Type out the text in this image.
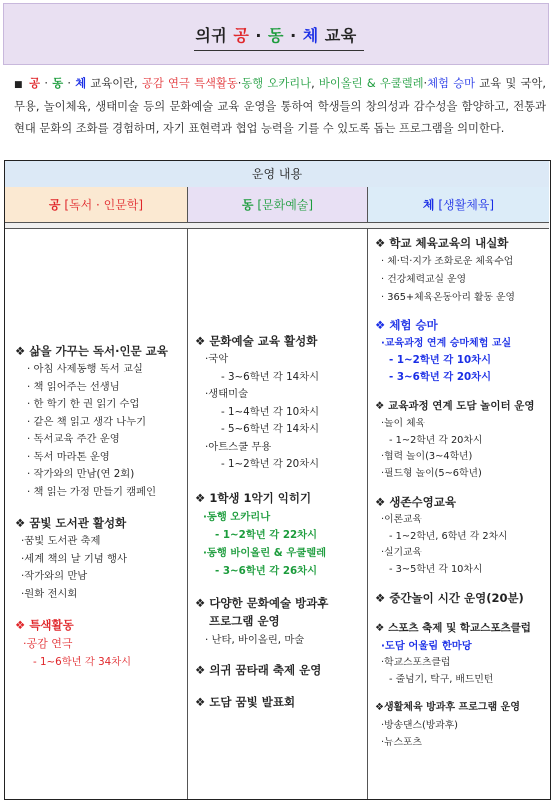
의귀 공 · 동 · 체 교육
■ 공 · 동 · 체 교육이란, 공감 연극 특색활동·동행 오카리나, 바이올린 & 우쿨렐레·체험 승마 교육 및 국악, 무용, 놀이체육, 생태미술 등의 문화예술 교육 운영을 통하여 학생들의 창의성과 감수성을 함양하고, 전통과 현대 문화의 조화를 경험하며, 자기 표현력과 협업 능력을 기를 수 있도록 돕는 프로그램을 의미한다.
운영 내용
공 [독서 · 인문학]	동 [문화예술]	체 [생활체육]
❖ 삶을 가꾸는 독서·인문 교육
· 아침 사제동행 독서 교실
· 책 읽어주는 선생님
· 한 학기 한 권 읽기 수업
· 같은 책 읽고 생각 나누기
· 독서교육 주간 운영
· 독서 마라톤 운영
· 작가와의 만남(연 2회)
· 책 읽는 가정 만들기 캠페인
❖ 꿈빛 도서관 활성화
·꿈빛 도서관 축제
·세계 책의 날 기념 행사
·작가와의 만남
·원화 전시회
❖ 특색활동
·공감 연극
- 1~6학년 각 34차시
❖ 문화예술 교육 활성화
·국악
- 3~6학년 각 14차시
·생태미술
- 1~4학년 각 10차시
- 5~6학년 각 14차시
·아트스쿨 무용
- 1~2학년 각 20차시
❖ 1학생 1악기 익히기
·동행 오카리나
- 1~2학년 각 22차시
·동행 바이올린 & 우쿨렐레
- 3~6학년 각 26차시
❖ 다양한 문화예술 방과후
프로그램 운영
· 난타, 바이올린, 마술
❖ 의귀 꿈타래 축제 운영
❖ 도담 꿈빛 발표회
❖ 학교 체육교육의 내실화
· 체·덕·지가 조화로운 체육수업
· 건강체력교실 운영
· 365+체육온동아리 활동 운영
❖ 체험 승마
·교육과정 연계 승마체험 교실
- 1~2학년 각 10차시
- 3~6학년 각 20차시
❖ 교육과정 연계 도담 놀이터 운영
·놀이 체육
- 1~2학년 각 20차시
·협력 놀이(3~4학년)
·필드형 놀이(5~6학년)
❖ 생존수영교육
·이론교육
- 1~2학년, 6학년 각 2차시
·실기교육
- 3~5학년 각 10차시
❖ 중간놀이 시간 운영(20분)
❖ 스포츠 축제 및 학교스포츠클럽
·도담 어울림 한마당
·학교스포츠클럽
- 줄넘기, 탁구, 배드민턴
❖생활체육 방과후 프로그램 운영
·방송댄스(방과후)
·뉴스포츠
